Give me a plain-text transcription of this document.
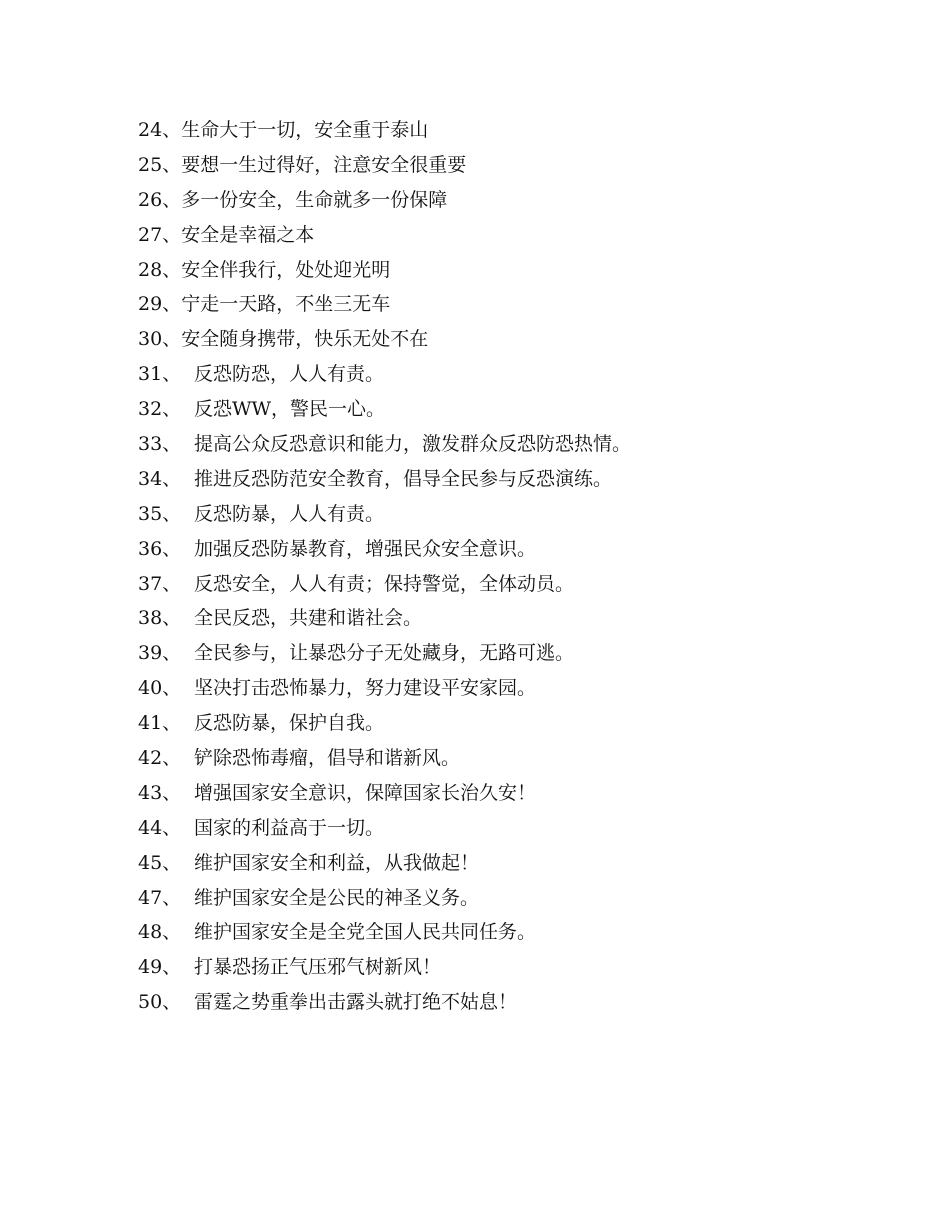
24、生命大于一切，安全重于泰山
25、要想一生过得好，注意安全很重要
26、多一份安全，生命就多一份保障
27、安全是幸福之本
28、安全伴我行，处处迎光明
29、宁走一天路，不坐三无车
30、安全随身携带，快乐无处不在
31、 反恐防恐，人人有责。
32、 反恐WW，警民一心。
33、 提高公众反恐意识和能力，激发群众反恐防恐热情。
34、 推进反恐防范安全教育，倡导全民参与反恐演练。
35、 反恐防暴，人人有责。
36、 加强反恐防暴教育，增强民众安全意识。
37、 反恐安全，人人有责；保持警觉，全体动员。
38、 全民反恐，共建和谐社会。
39、 全民参与，让暴恐分子无处藏身，无路可逃。
40、 坚决打击恐怖暴力，努力建设平安家园。
41、 反恐防暴，保护自我。
42、 铲除恐怖毒瘤，倡导和谐新风。
43、 增强国家安全意识，保障国家长治久安！
44、 国家的利益高于一切。
45、 维护国家安全和利益，从我做起！
47、 维护国家安全是公民的神圣义务。
48、 维护国家安全是全党全国人民共同任务。
49、 打暴恐扬正气压邪气树新风！
50、 雷霆之势重拳出击露头就打绝不姑息！
